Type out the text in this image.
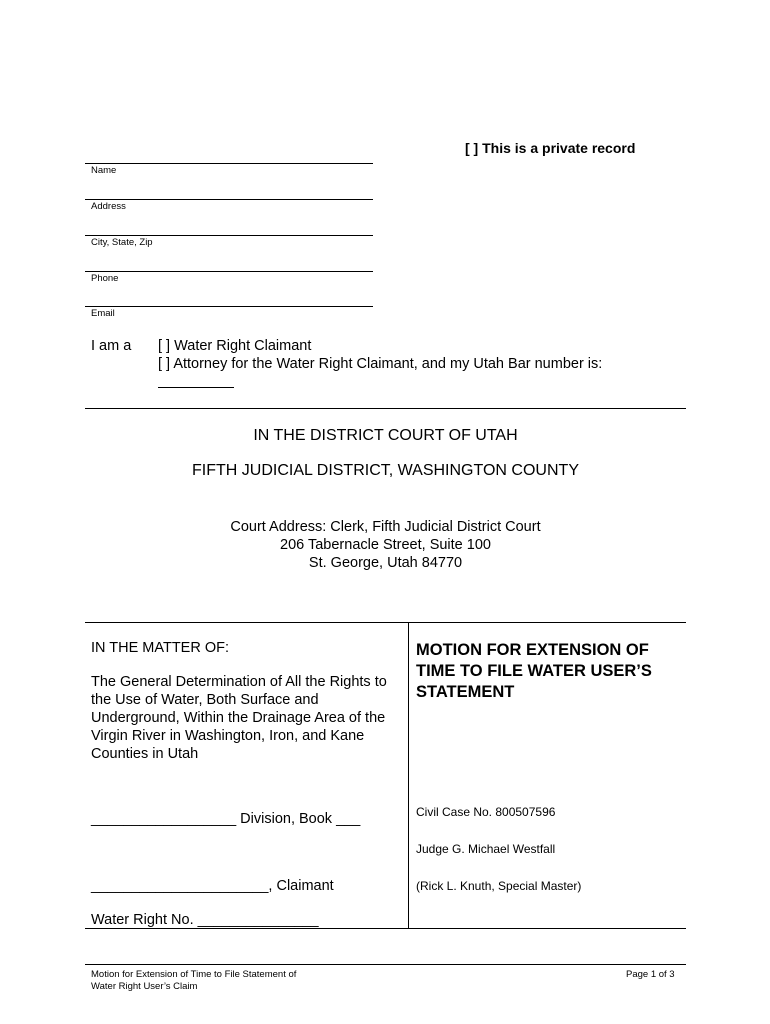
[ ] This is a private record
Name
Address
City, State, Zip
Phone
Email
I am a [ ] Water Right Claimant
[ ] Attorney for the Water Right Claimant, and my Utah Bar number is:
IN THE DISTRICT COURT OF UTAH
FIFTH JUDICIAL DISTRICT, WASHINGTON COUNTY
Court Address: Clerk, Fifth Judicial District Court
206 Tabernacle Street, Suite 100
St. George, Utah 84770
IN THE MATTER OF:
The General Determination of All the Rights to the Use of Water, Both Surface and Underground, Within the Drainage Area of the Virgin River in Washington, Iron, and Kane Counties in Utah
__________________ Division, Book ___
______________________, Claimant
Water Right No. _______________
MOTION FOR EXTENSION OF TIME TO FILE WATER USER’S STATEMENT
Civil Case No. 800507596
Judge G. Michael Westfall
(Rick L. Knuth, Special Master)
Motion for Extension of Time to File Statement of
Water Right User’s Claim
Page 1 of 3
